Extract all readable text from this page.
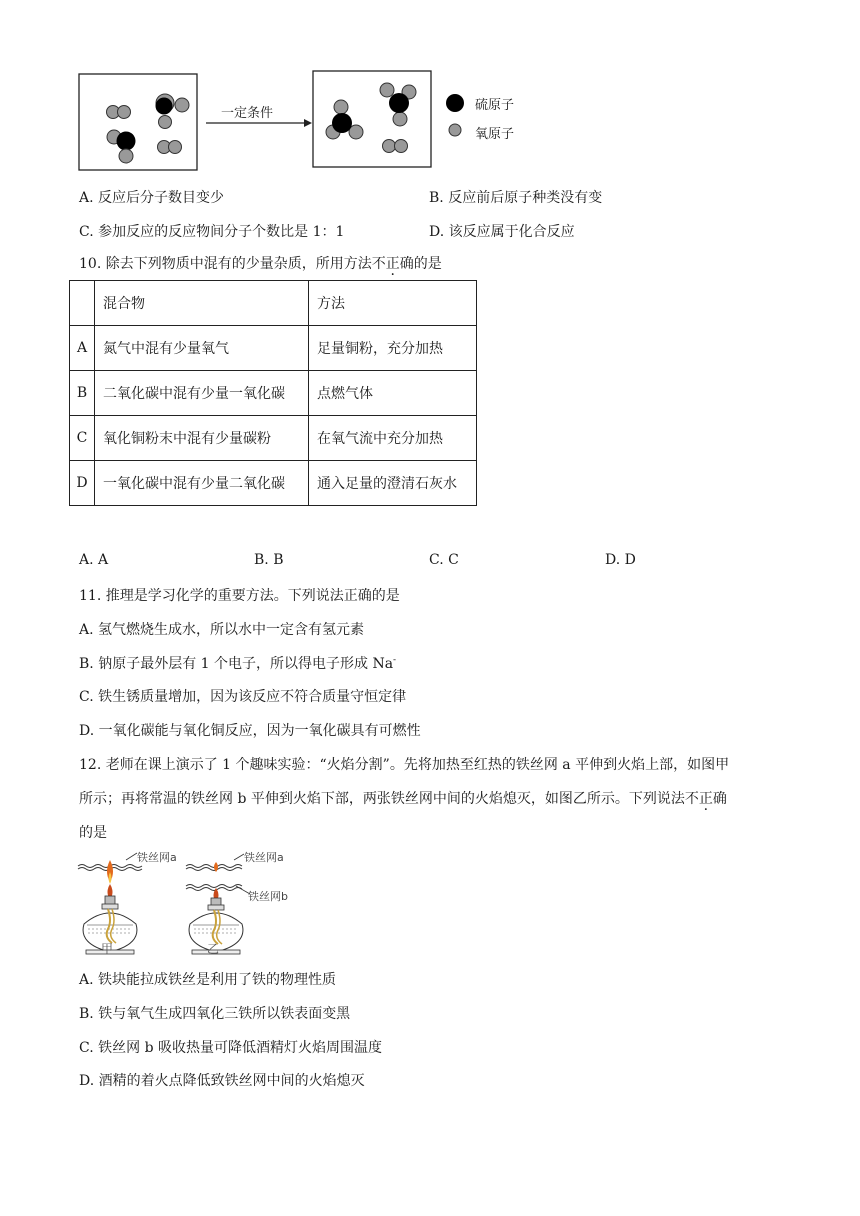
一定条件
硫原子
氧原子
A. 反应后分子数目变少	B. 反应前后原子种类没有变
C. 参加反应的反应物间分子个数比是 1：1	D. 该反应属于化合反应
10. 除去下列物质中混有的少量杂质，所用方法不正确的是
	混合物	方法
A	氮气中混有少量氧气	足量铜粉，充分加热
B	二氧化碳中混有少量一氧化碳	点燃气体
C	氧化铜粉末中混有少量碳粉	在氧气流中充分加热
D	一氧化碳中混有少量二氧化碳	通入足量的澄清石灰水
A. A	B. B	C. C	D. D
11. 推理是学习化学的重要方法。下列说法正确的是
A. 氢气燃烧生成水，所以水中一定含有氢元素
B. 钠原子最外层有 1 个电子，所以得电子形成 Na-
C. 铁生锈质量增加，因为该反应不符合质量守恒定律
D. 一氧化碳能与氧化铜反应，因为一氧化碳具有可燃性
12. 老师在课上演示了 1 个趣味实验：“火焰分割”。先将加热至红热的铁丝网 a 平伸到火焰上部，如图甲
所示；再将常温的铁丝网 b 平伸到火焰下部，两张铁丝网中间的火焰熄灭，如图乙所示。下列说法不正确
的是
铁丝网a	铁丝网a
铁丝网b
甲	乙
A. 铁块能拉成铁丝是利用了铁的物理性质
B. 铁与氧气生成四氧化三铁所以铁表面变黑
C. 铁丝网 b 吸收热量可降低酒精灯火焰周围温度
D. 酒精的着火点降低致铁丝网中间的火焰熄灭
